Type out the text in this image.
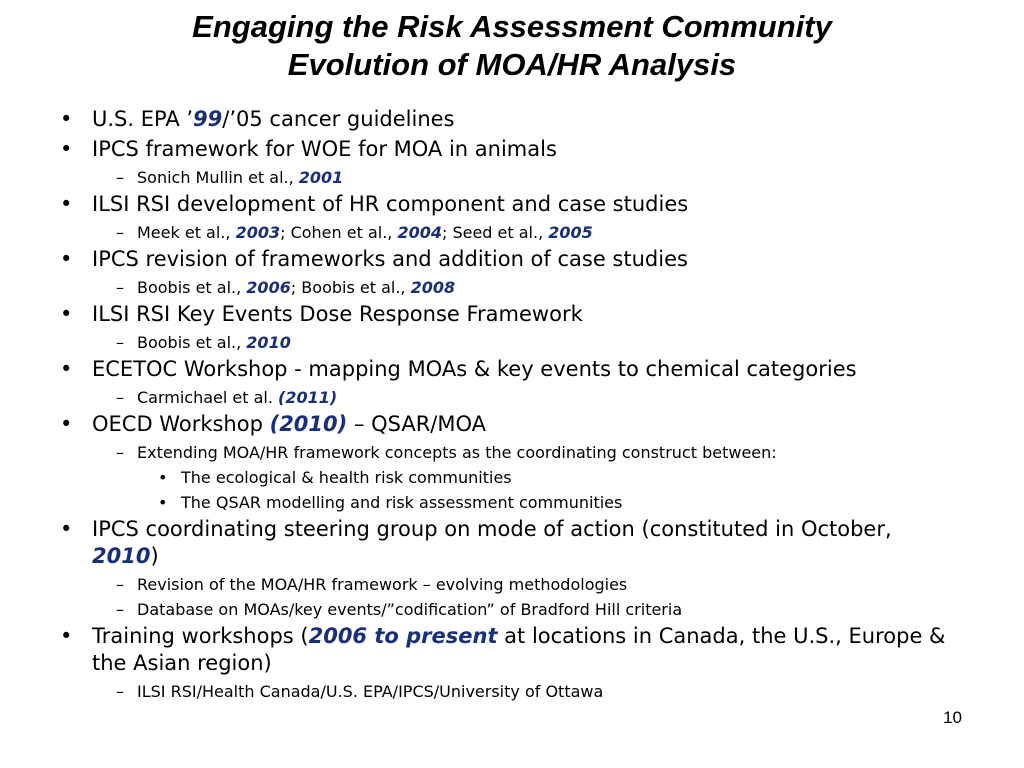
Engaging the Risk Assessment Community
Evolution of MOA/HR Analysis
• U.S. EPA ’99/’05 cancer guidelines
• IPCS framework for WOE for MOA in animals
– Sonich Mullin et al., 2001
• ILSI RSI development of HR component and case studies
– Meek et al., 2003; Cohen et al., 2004; Seed et al., 2005
• IPCS revision of frameworks and addition of case studies
– Boobis et al., 2006; Boobis et al., 2008
• ILSI RSI Key Events Dose Response Framework
– Boobis et al., 2010
• ECETOC Workshop - mapping MOAs & key events to chemical categories
– Carmichael et al. (2011)
• OECD Workshop (2010) – QSAR/MOA
– Extending MOA/HR framework concepts as the coordinating construct between:
• The ecological & health risk communities
• The QSAR modelling and risk assessment communities
• IPCS coordinating steering group on mode of action (constituted in October, 2010)
– Revision of the MOA/HR framework – evolving methodologies
– Database on MOAs/key events/”codification” of Bradford Hill criteria
• Training workshops (2006 to present at locations in Canada, the U.S., Europe & the Asian region)
– ILSI RSI/Health Canada/U.S. EPA/IPCS/University of Ottawa
10
